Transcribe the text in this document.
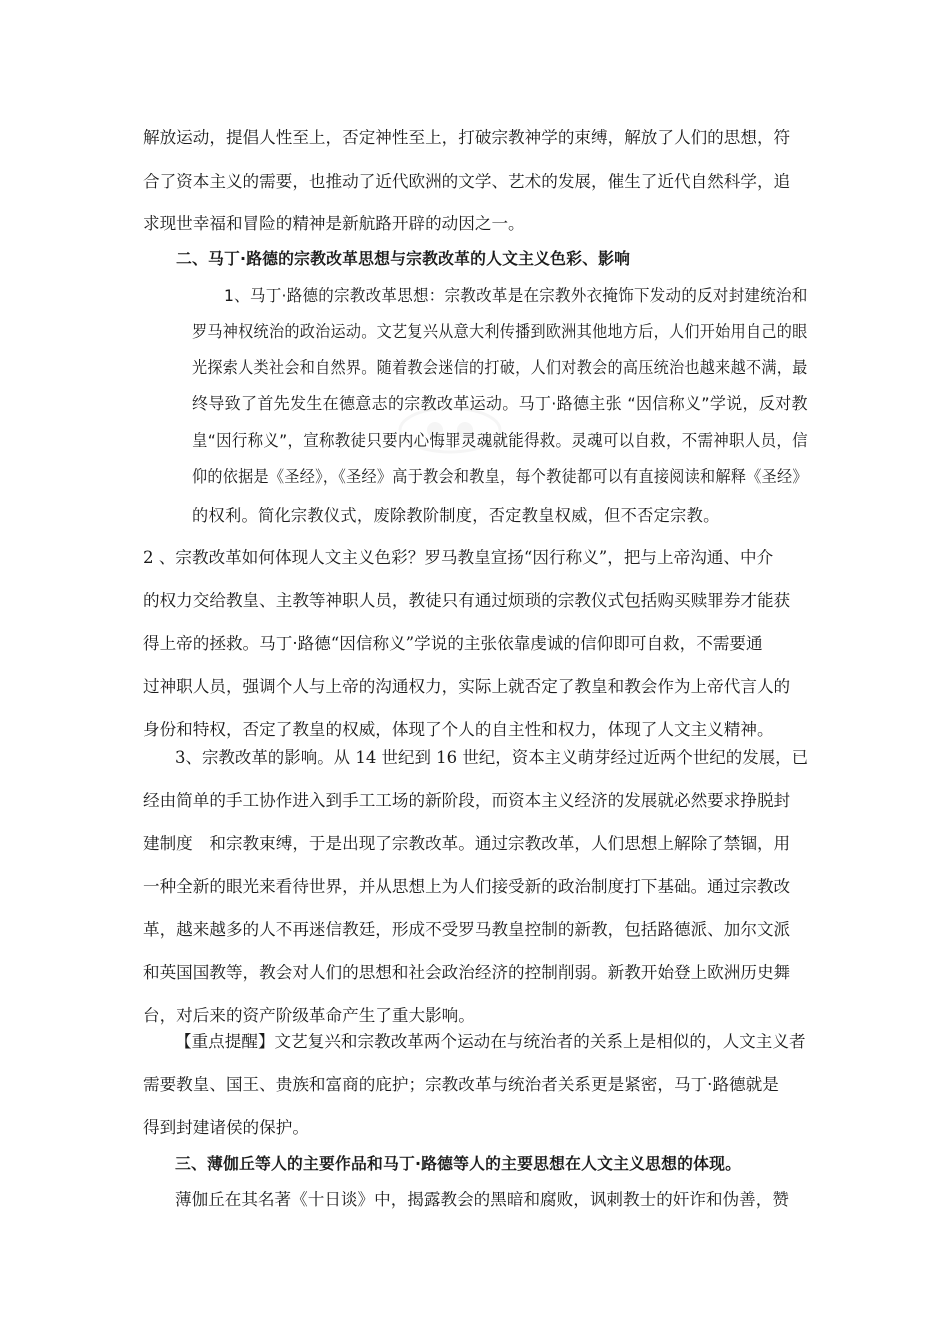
解放运动，提倡人性至上，否定神性至上，打破宗教神学的束缚，解放了人们的思想，符
合了资本主义的需要，也推动了近代欧洲的文学、艺术的发展，催生了近代自然科学，追
求现世幸福和冒险的精神是新航路开辟的动因之一。
二、马丁·路德的宗教改革思想与宗教改革的人文主义色彩、影响
1、马丁·路德的宗教改革思想：宗教改革是在宗教外衣掩饰下发动的反对封建统治和
罗马神权统治的政治运动。文艺复兴从意大利传播到欧洲其他地方后，人们开始用自己的眼
光探索人类社会和自然界。随着教会迷信的打破，人们对教会的高压统治也越来越不满，最
终导致了首先发生在德意志的宗教改革运动。马丁·路德主张 “因信称义”学说，反对教
皇“因行称义”，宣称教徒只要内心悔罪灵魂就能得救。灵魂可以自救，不需神职人员，信
仰的依据是《圣经》，《圣经》高于教会和教皇，每个教徒都可以有直接阅读和解释《圣经》
的权利。简化宗教仪式，废除教阶制度，否定教皇权威，但不否定宗教。
2 、宗教改革如何体现人文主义色彩？罗马教皇宣扬“因行称义”，把与上帝沟通、中介
的权力交给教皇、主教等神职人员，教徒只有通过烦琐的宗教仪式包括购买赎罪券才能获
得上帝的拯救。马丁·路德“因信称义”学说的主张依靠虔诚的信仰即可自救，不需要通
过神职人员，强调个人与上帝的沟通权力，实际上就否定了教皇和教会作为上帝代言人的
身份和特权，否定了教皇的权威，体现了个人的自主性和权力，体现了人文主义精神。
3、宗教改革的影响。从 14 世纪到 16 世纪，资本主义萌芽经过近两个世纪的发展，已
经由简单的手工协作进入到手工工场的新阶段，而资本主义经济的发展就必然要求挣脱封
建制度　和宗教束缚，于是出现了宗教改革。通过宗教改革，人们思想上解除了禁锢，用
一种全新的眼光来看待世界，并从思想上为人们接受新的政治制度打下基础。通过宗教改
革，越来越多的人不再迷信教廷，形成不受罗马教皇控制的新教，包括路德派、加尔文派
和英国国教等，教会对人们的思想和社会政治经济的控制削弱。新教开始登上欧洲历史舞
台，对后来的资产阶级革命产生了重大影响。
【重点提醒】文艺复兴和宗教改革两个运动在与统治者的关系上是相似的，人文主义者
需要教皇、国王、贵族和富商的庇护；宗教改革与统治者关系更是紧密，马丁·路德就是
得到封建诸侯的保护。
三、薄伽丘等人的主要作品和马丁·路德等人的主要思想在人文主义思想的体现。
薄伽丘在其名著《十日谈》中，揭露教会的黑暗和腐败，讽刺教士的奸诈和伪善，赞
